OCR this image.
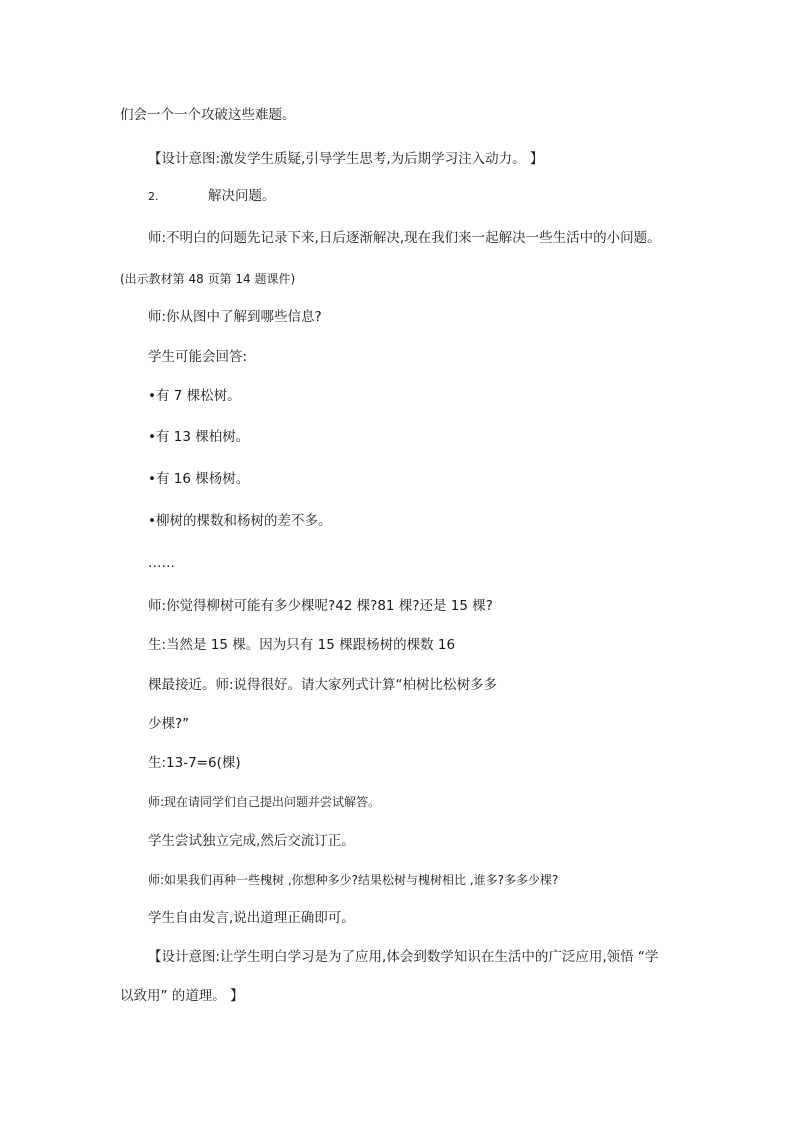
们会一个一个攻破这些难题。
【设计意图:激发学生质疑,引导学生思考,为后期学习注入动力。 】
2.	解决问题。
师:不明白的问题先记录下来,日后逐渐解决,现在我们来一起解决一些生活中的小问题。
(出示教材第 48 页第 14 题课件)
师:你从图中了解到哪些信息?
学生可能会回答:
•有 7 棵松树。
•有 13 棵柏树。
•有 16 棵杨树。
•柳树的棵数和杨树的差不多。
……
师:你觉得柳树可能有多少棵呢?42 棵?81 棵?还是 15 棵?
生:当然是 15 棵。因为只有 15 棵跟杨树的棵数 16
棵最接近。师:说得很好。请大家列式计算“柏树比松树多多
少棵?”
生:13-7=6(棵)
师:现在请同学们自己提出问题并尝试解答。
学生尝试独立完成,然后交流订正。
师:如果我们再种一些槐树 ,你想种多少?结果松树与槐树相比 ,谁多?多多少棵?
学生自由发言,说出道理正确即可。
【设计意图:让学生明白学习是为了应用,体会到数学知识在生活中的广泛应用,领悟 “学
以致用” 的道理。 】
